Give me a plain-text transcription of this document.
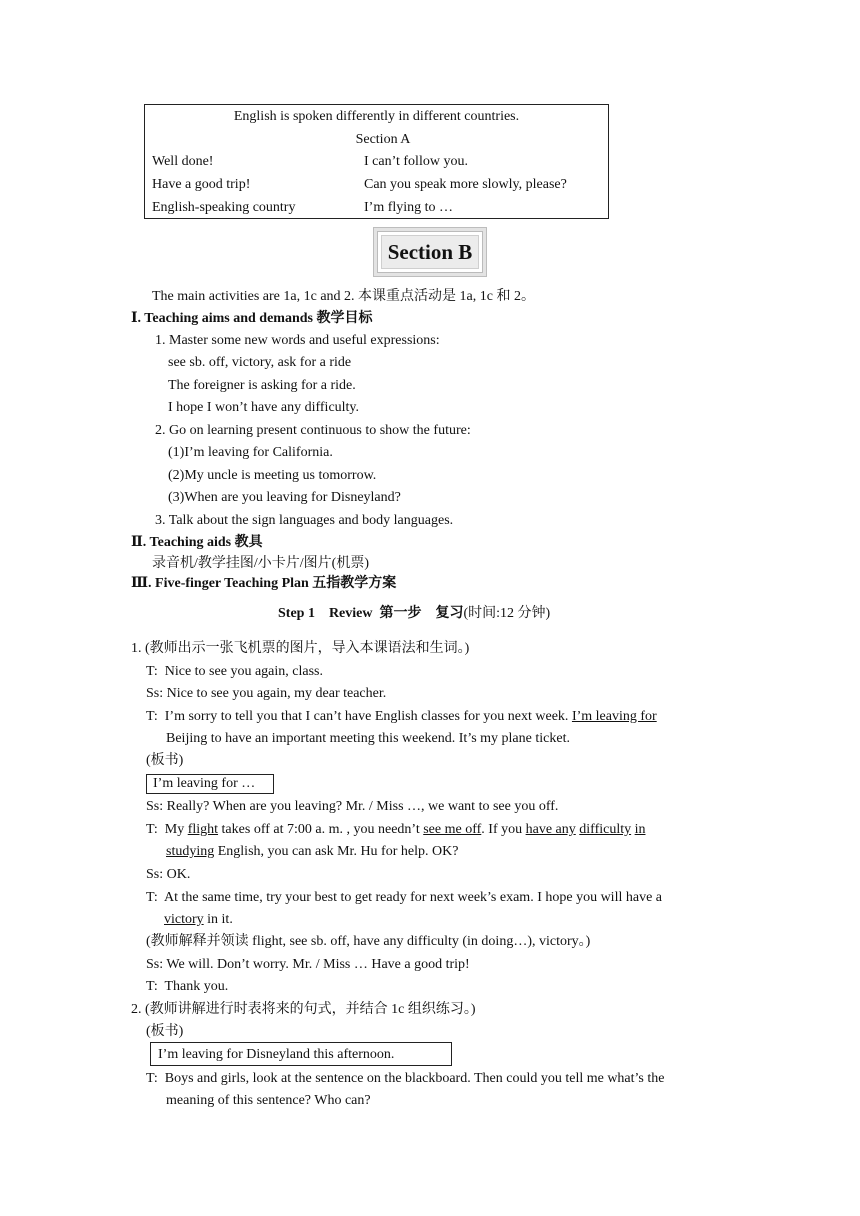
English is spoken differently in different countries.
Section A
Well done!
Have a good trip!
English-speaking country
I can’t follow you.
Can you speak more slowly, please?
I’m flying to …
Section B
The main activities are 1a, 1c and 2. 本课重点活动是 1a, 1c 和 2。
Ⅰ. Teaching aims and demands 教学目标
1. Master some new words and useful expressions:
see sb. off, victory, ask for a ride
The foreigner is asking for a ride.
I hope I won’t have any difficulty.
2. Go on learning present continuous to show the future:
(1)I’m leaving for California.
(2)My uncle is meeting us tomorrow.
(3)When are you leaving for Disneyland?
3. Talk about the sign languages and body languages.
Ⅱ. Teaching aids 教具
录音机/教学挂图/小卡片/图片(机票)
Ⅲ. Five-finger Teaching Plan 五指教学方案
Step 1    Review  第一步    复习(时间:12 分钟)
1. (教师出示一张飞机票的图片，导入本课语法和生词。)
T:  Nice to see you again, class.
Ss: Nice to see you again, my dear teacher.
T:  I’m sorry to tell you that I can’t have English classes for you next week. I’m leaving for
Beijing to have an important meeting this weekend. It’s my plane ticket.
(板书)
I’m leaving for …
Ss: Really? When are you leaving? Mr. / Miss …, we want to see you off.
T:  My flight takes off at 7:00 a. m. , you needn’t see me off. If you have any difficulty in
studying English, you can ask Mr. Hu for help. OK?
Ss: OK.
T:  At the same time, try your best to get ready for next week’s exam. I hope you will have a
victory in it.
(教师解释并领读 flight, see sb. off, have any difficulty (in doing…), victory。)
Ss: We will. Don’t worry. Mr. / Miss … Have a good trip!
T:  Thank you.
2. (教师讲解进行时表将来的句式，并结合 1c 组织练习。)
(板书)
I’m leaving for Disneyland this afternoon.
T:  Boys and girls, look at the sentence on the blackboard. Then could you tell me what’s the
meaning of this sentence? Who can?
